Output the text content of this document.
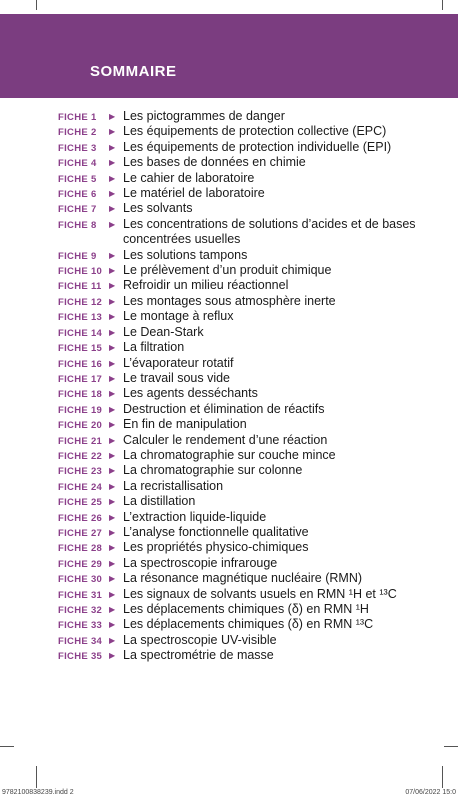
SOMMAIRE
FICHE 1	▶ Les pictogrammes de danger
FICHE 2	▶ Les équipements de protection collective (EPC)
FICHE 3	▶ Les équipements de protection individuelle (EPI)
FICHE 4	▶ Les bases de données en chimie
FICHE 5	▶ Le cahier de laboratoire
FICHE 6	▶ Le matériel de laboratoire
FICHE 7	▶ Les solvants
FICHE 8	▶ Les concentrations de solutions d’acides et de bases concentrées usuelles
FICHE 9	▶ Les solutions tampons
FICHE 10 ▶ Le prélèvement d’un produit chimique
FICHE 11 ▶ Refroidir un milieu réactionnel
FICHE 12 ▶ Les montages sous atmosphère inerte
FICHE 13 ▶ Le montage à reflux
FICHE 14 ▶ Le Dean-Stark
FICHE 15 ▶ La filtration
FICHE 16 ▶ L’évaporateur rotatif
FICHE 17 ▶ Le travail sous vide
FICHE 18 ▶ Les agents desséchants
FICHE 19 ▶ Destruction et élimination de réactifs
FICHE 20 ▶ En fin de manipulation
FICHE 21 ▶ Calculer le rendement d’une réaction
FICHE 22 ▶ La chromatographie sur couche mince
FICHE 23 ▶ La chromatographie sur colonne
FICHE 24 ▶ La recristallisation
FICHE 25 ▶ La distillation
FICHE 26 ▶ L’extraction liquide-liquide
FICHE 27 ▶ L’analyse fonctionnelle qualitative
FICHE 28 ▶ Les propriétés physico-chimiques
FICHE 29 ▶ La spectroscopie infrarouge
FICHE 30 ▶ La résonance magnétique nucléaire (RMN)
FICHE 31 ▶ Les signaux de solvants usuels en RMN ¹H et ¹³C
FICHE 32 ▶ Les déplacements chimiques (δ) en RMN ¹H
FICHE 33 ▶ Les déplacements chimiques (δ) en RMN ¹³C
FICHE 34 ▶ La spectroscopie UV-visible
FICHE 35 ▶ La spectrométrie de masse
9782100838239.indd 2	07/06/2022 15:0
